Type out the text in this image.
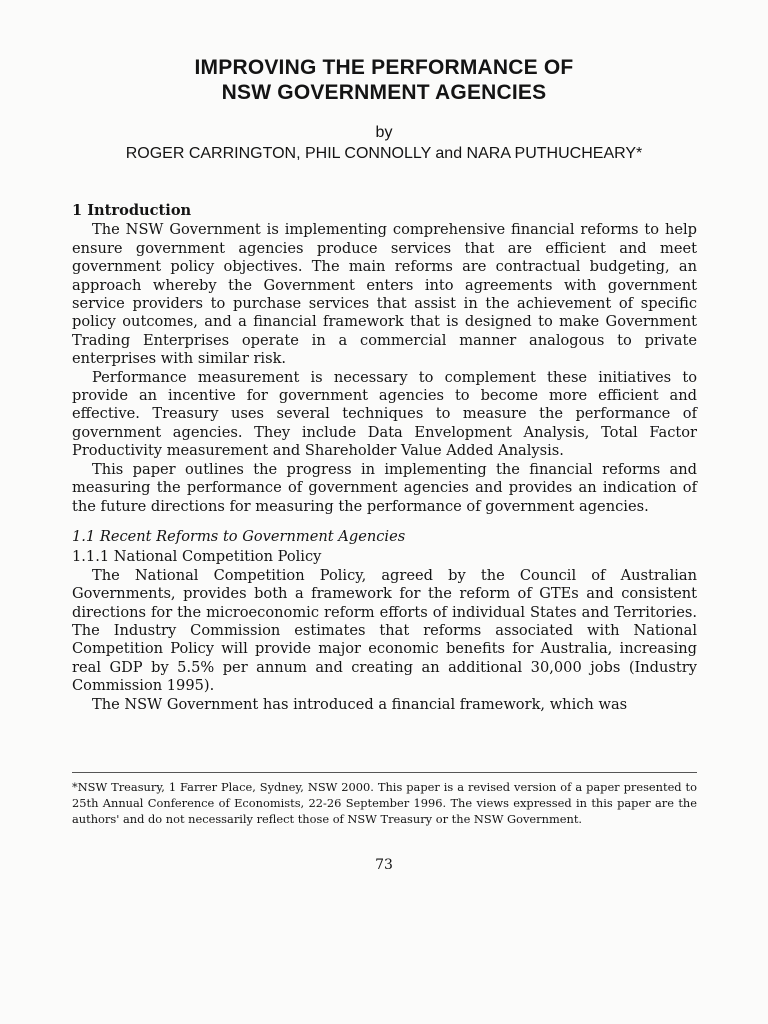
IMPROVING THE PERFORMANCE OF
NSW GOVERNMENT AGENCIES
by
ROGER CARRINGTON, PHIL CONNOLLY and NARA PUTHUCHEARY*
1 Introduction

The NSW Government is implementing comprehensive financial reforms to help ensure government agencies produce services that are efficient and meet government policy objectives. The main reforms are contractual budgeting, an approach whereby the Government enters into agreements with government service providers to purchase services that assist in the achievement of specific policy outcomes, and a financial framework that is designed to make Government Trading Enterprises operate in a commercial manner analogous to private enterprises with similar risk.

Performance measurement is necessary to complement these initiatives to provide an incentive for government agencies to become more efficient and effective. Treasury uses several techniques to measure the performance of government agencies. They include Data Envelopment Analysis, Total Factor Productivity measurement and Shareholder Value Added Analysis.

This paper outlines the progress in implementing the financial reforms and measuring the performance of government agencies and provides an indication of the future directions for measuring the performance of government agencies.

1.1 Recent Reforms to Government Agencies
1.1.1 National Competition Policy

The National Competition Policy, agreed by the Council of Australian Governments, provides both a framework for the reform of GTEs and consistent directions for the microeconomic reform efforts of individual States and Territories. The Industry Commission estimates that reforms associated with National Competition Policy will provide major economic benefits for Australia, increasing real GDP by 5.5% per annum and creating an additional 30,000 jobs (Industry Commission 1995).

The NSW Government has introduced a financial framework, which was

*NSW Treasury, 1 Farrer Place, Sydney, NSW 2000. This paper is a revised version of a paper presented to 25th Annual Conference of Economists, 22-26 September 1996. The views expressed in this paper are the authors' and do not necessarily reflect those of NSW Treasury or the NSW Government.
73
